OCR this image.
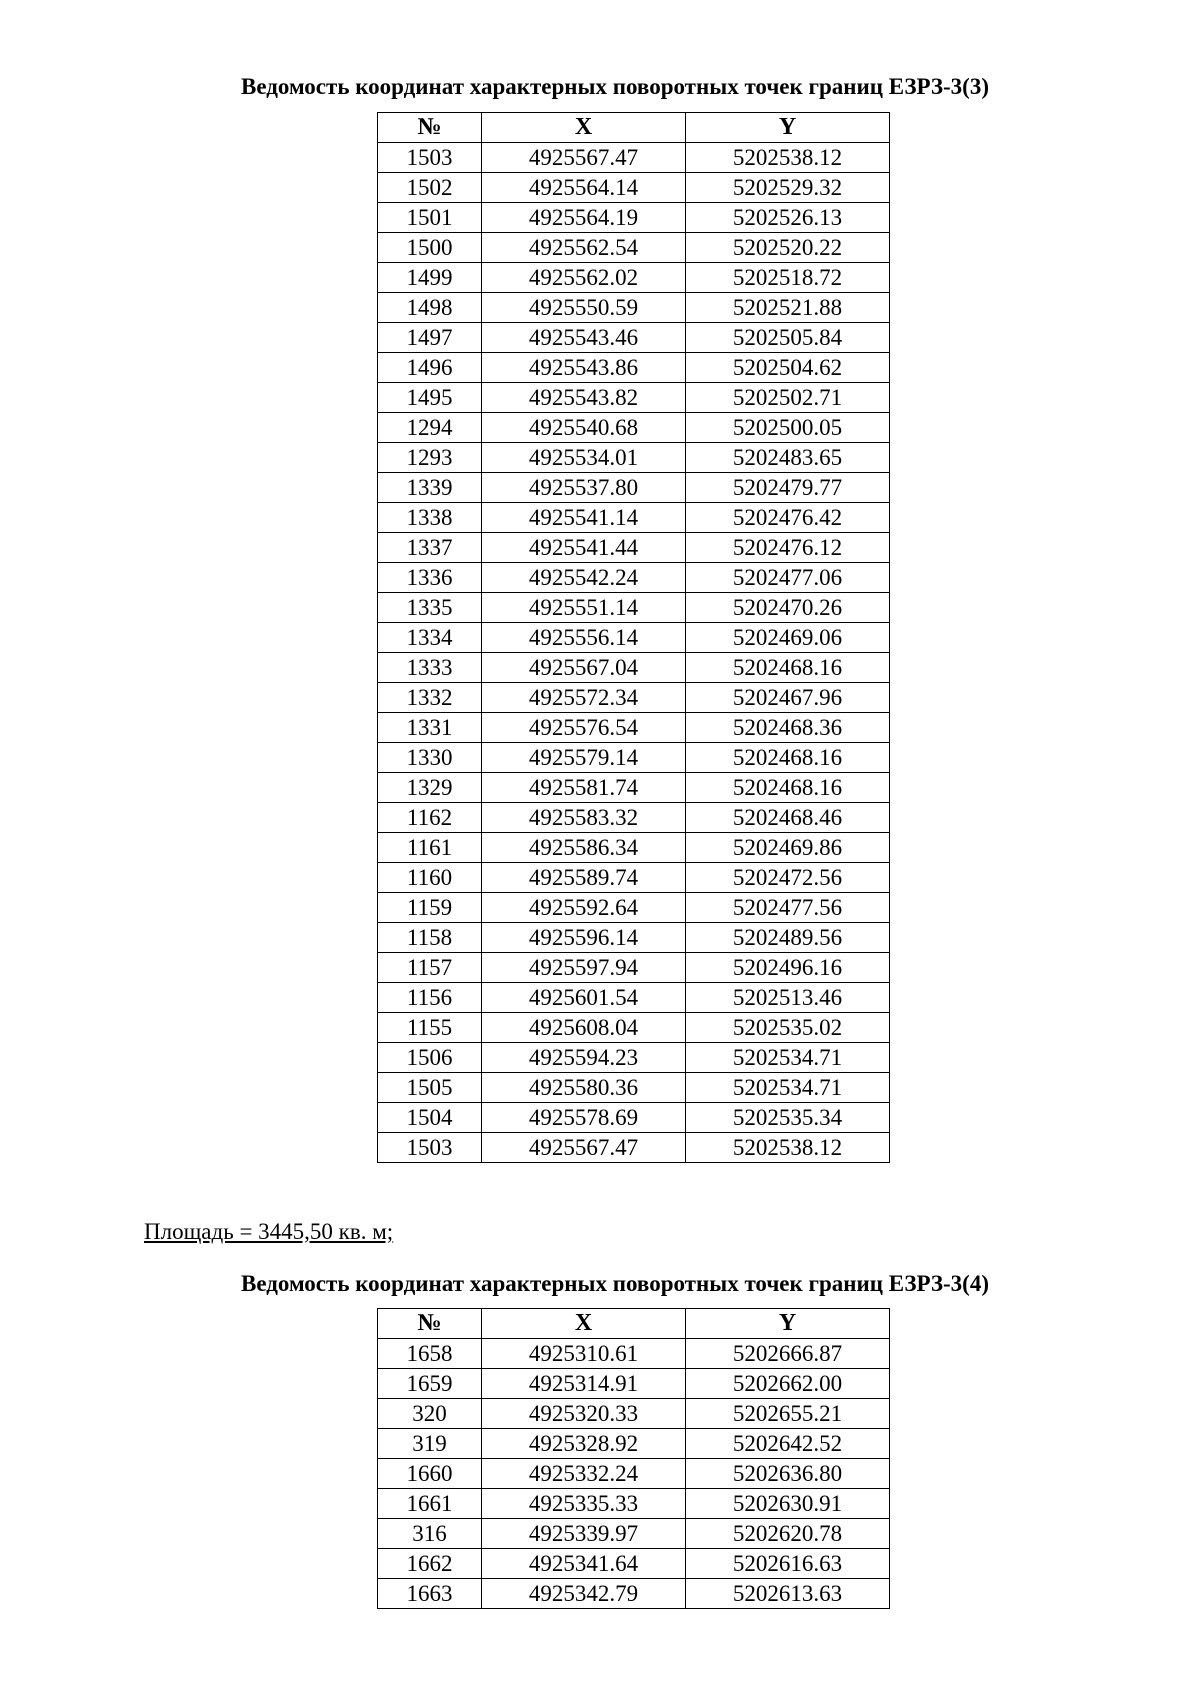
Ведомость координат характерных поворотных точек границ ЕЗРЗ-3(3)
№	X	Y
1503	4925567.47	5202538.12
1502	4925564.14	5202529.32
1501	4925564.19	5202526.13
1500	4925562.54	5202520.22
1499	4925562.02	5202518.72
1498	4925550.59	5202521.88
1497	4925543.46	5202505.84
1496	4925543.86	5202504.62
1495	4925543.82	5202502.71
1294	4925540.68	5202500.05
1293	4925534.01	5202483.65
1339	4925537.80	5202479.77
1338	4925541.14	5202476.42
1337	4925541.44	5202476.12
1336	4925542.24	5202477.06
1335	4925551.14	5202470.26
1334	4925556.14	5202469.06
1333	4925567.04	5202468.16
1332	4925572.34	5202467.96
1331	4925576.54	5202468.36
1330	4925579.14	5202468.16
1329	4925581.74	5202468.16
1162	4925583.32	5202468.46
1161	4925586.34	5202469.86
1160	4925589.74	5202472.56
1159	4925592.64	5202477.56
1158	4925596.14	5202489.56
1157	4925597.94	5202496.16
1156	4925601.54	5202513.46
1155	4925608.04	5202535.02
1506	4925594.23	5202534.71
1505	4925580.36	5202534.71
1504	4925578.69	5202535.34
1503	4925567.47	5202538.12
Площадь = 3445,50 кв. м;
Ведомость координат характерных поворотных точек границ ЕЗРЗ-3(4)
№	X	Y
1658	4925310.61	5202666.87
1659	4925314.91	5202662.00
320	4925320.33	5202655.21
319	4925328.92	5202642.52
1660	4925332.24	5202636.80
1661	4925335.33	5202630.91
316	4925339.97	5202620.78
1662	4925341.64	5202616.63
1663	4925342.79	5202613.63
